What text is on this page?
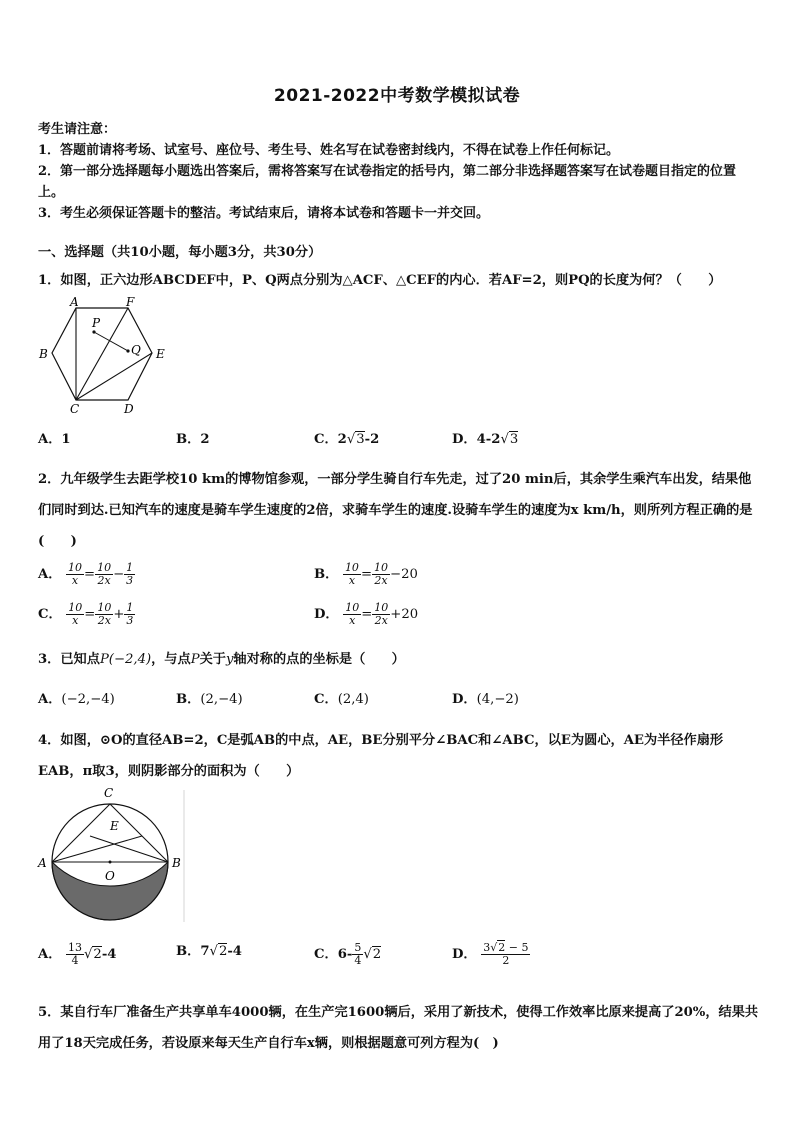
2021-2022中考数学模拟试卷
考生请注意：
1．答题前请将考场、试室号、座位号、考生号、姓名写在试卷密封线内，不得在试卷上作任何标记。
2．第一部分选择题每小题选出答案后，需将答案写在试卷指定的括号内，第二部分非选择题答案写在试卷题目指定的位置上。
3．考生必须保证答题卡的整洁。考试结束后，请将本试卷和答题卡一并交回。
一、选择题（共10小题，每小题3分，共30分）
1．如图，正六边形ABCDEF中，P、Q两点分别为△ACF、△CEF的内心．若AF=2，则PQ的长度为何？（　　）
A	F
B	E
C	D
P
Q
A．1	B．2	C．2√3-2	D．4-2√3
2．九年级学生去距学校10 km的博物馆参观，一部分学生骑自行车先走，过了20 min后，其余学生乘汽车出发，结果他们同时到达.已知汽车的速度是骑车学生速度的2倍，求骑车学生的速度.设骑车学生的速度为x km/h，则所列方程正确的是(　　)
A． $\frac{10}{x} = \frac{10}{2x} - \frac{1}{3}$	B． $\frac{10}{x} = \frac{10}{2x} -20$
C． $\frac{10}{x} = \frac{10}{2x} + \frac{1}{3}$	D． $\frac{10}{x} = \frac{10}{2x} +20$
3．已知点P(−2,4)，与点P关于y轴对称的点的坐标是（　　）
A．(−2,−4)	B．(2,−4)	C．(2,4)	D．(4,−2)
4．如图，⊙O的直径AB=2，C是弧AB的中点，AE，BE分别平分∠BAC和∠ABC，以E为圆心，AE为半径作扇形EAB，π取3，则阴影部分的面积为（　　）
C
E
A	B
O
A． $\frac{13}{4} √2-4$	B．7√2-4	C．$6- \frac{5}{4} √2$	D． $\frac{3√2 - 5}{2}$
5．某自行车厂准备生产共享单车4000辆，在生产完1600辆后，采用了新技术，使得工作效率比原来提高了20%，结果共用了18天完成任务，若设原来每天生产自行车x辆，则根据题意可列方程为(　)
